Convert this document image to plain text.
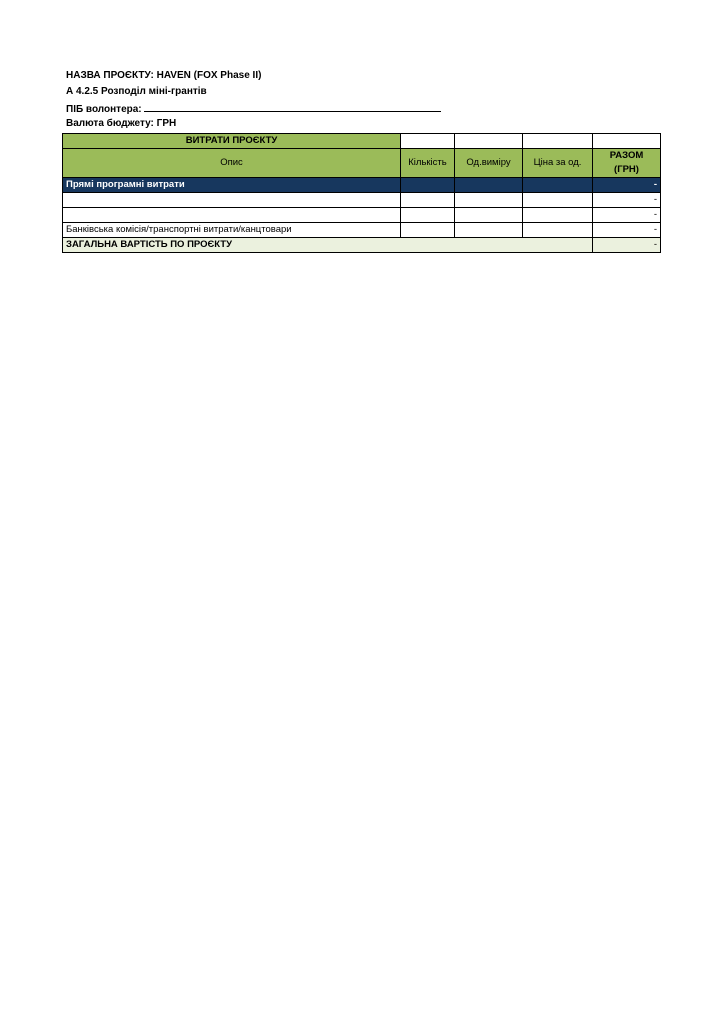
НАЗВА ПРОЄКТУ: HAVEN (FOX Phase II)
А 4.2.5 Розподіл міні-грантів
ПІБ волонтера:
Валюта бюджету: ГРН
ВИТРАТИ ПРОЄКТУ				
Опис	Кількість	Од.виміру	Ціна за од.	РАЗОМ
(ГРН)
Прямі програмні витрати				-
				-
				-
Банківська комісія/транспортні витрати/канцтовари				-
ЗАГАЛЬНА ВАРТІСТЬ ПО ПРОЄКТУ				-
